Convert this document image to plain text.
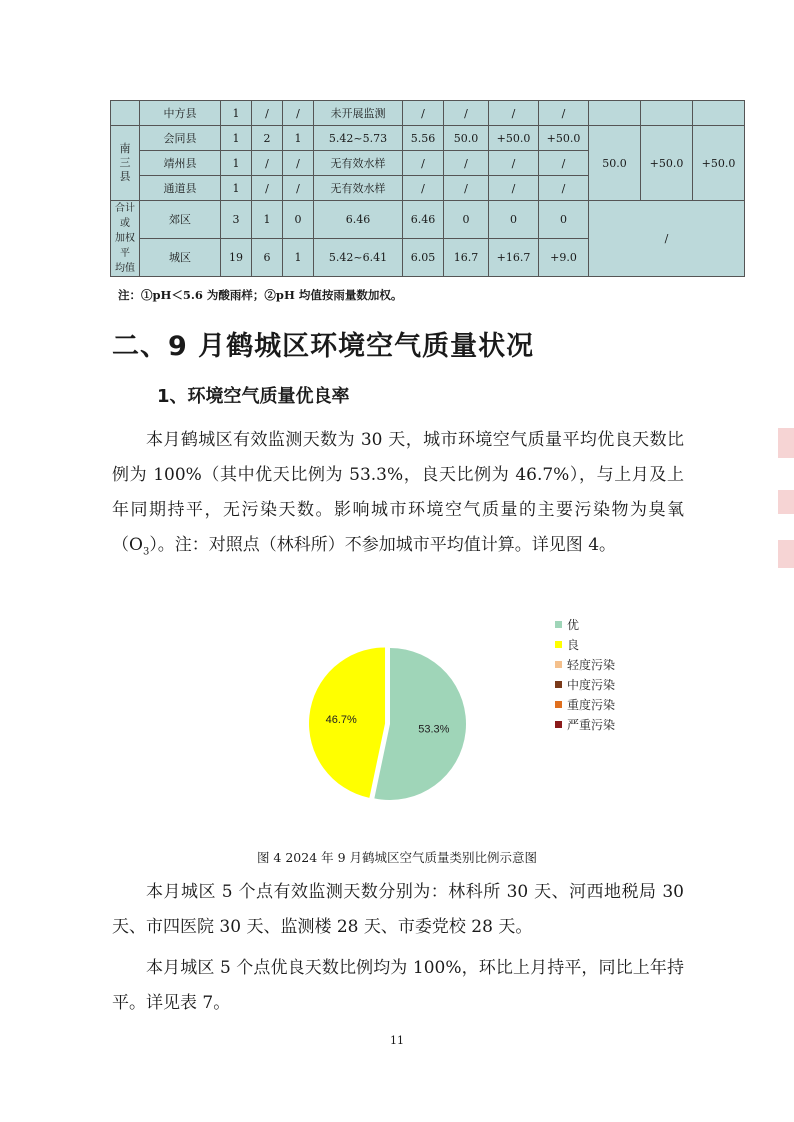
	中方县	1	/	/	未开展监测	/	/	/	/			
南
三
县	会同县	1	2	1	5.42~5.73	5.56	50.0	+50.0	+50.0	50.0	+50.0	+50.0
	靖州县	1	/	/	无有效水样	/	/	/	/			
	通道县	1	/	/	无有效水样	/	/	/	/			
合计或
加权平
均值	郊区	3	1	0	6.46	6.46	0	0	0	/		
	城区	19	6	1	5.42~6.41	6.05	16.7	+16.7	+9.0			
注：①pH＜5.6 为酸雨样；②pH 均值按雨量数加权。
二、9 月鹤城区环境空气质量状况
1、环境空气质量优良率
本月鹤城区有效监测天数为 30 天，城市环境空气质量平均优良天数比例为 100%（其中优天比例为 53.3%，良天比例为 46.7%），与上月及上年同期持平，无污染天数。影响城市环境空气质量的主要污染物为臭氧$(O_3)$。注：对照点（林科所）不参加城市平均值计算。详见图 4。
53.3%
46.7%
优
良
轻度污染
中度污染
重度污染
严重污染
图 4 2024 年 9 月鹤城区空气质量类别比例示意图
本月城区 5 个点有效监测天数分别为：林科所 30 天、河西地税局 30 天、市四医院 30 天、监测楼 28 天、市委党校 28 天。
本月城区 5 个点优良天数比例均为 100%，环比上月持平，同比上年持平。详见表 7。
11
